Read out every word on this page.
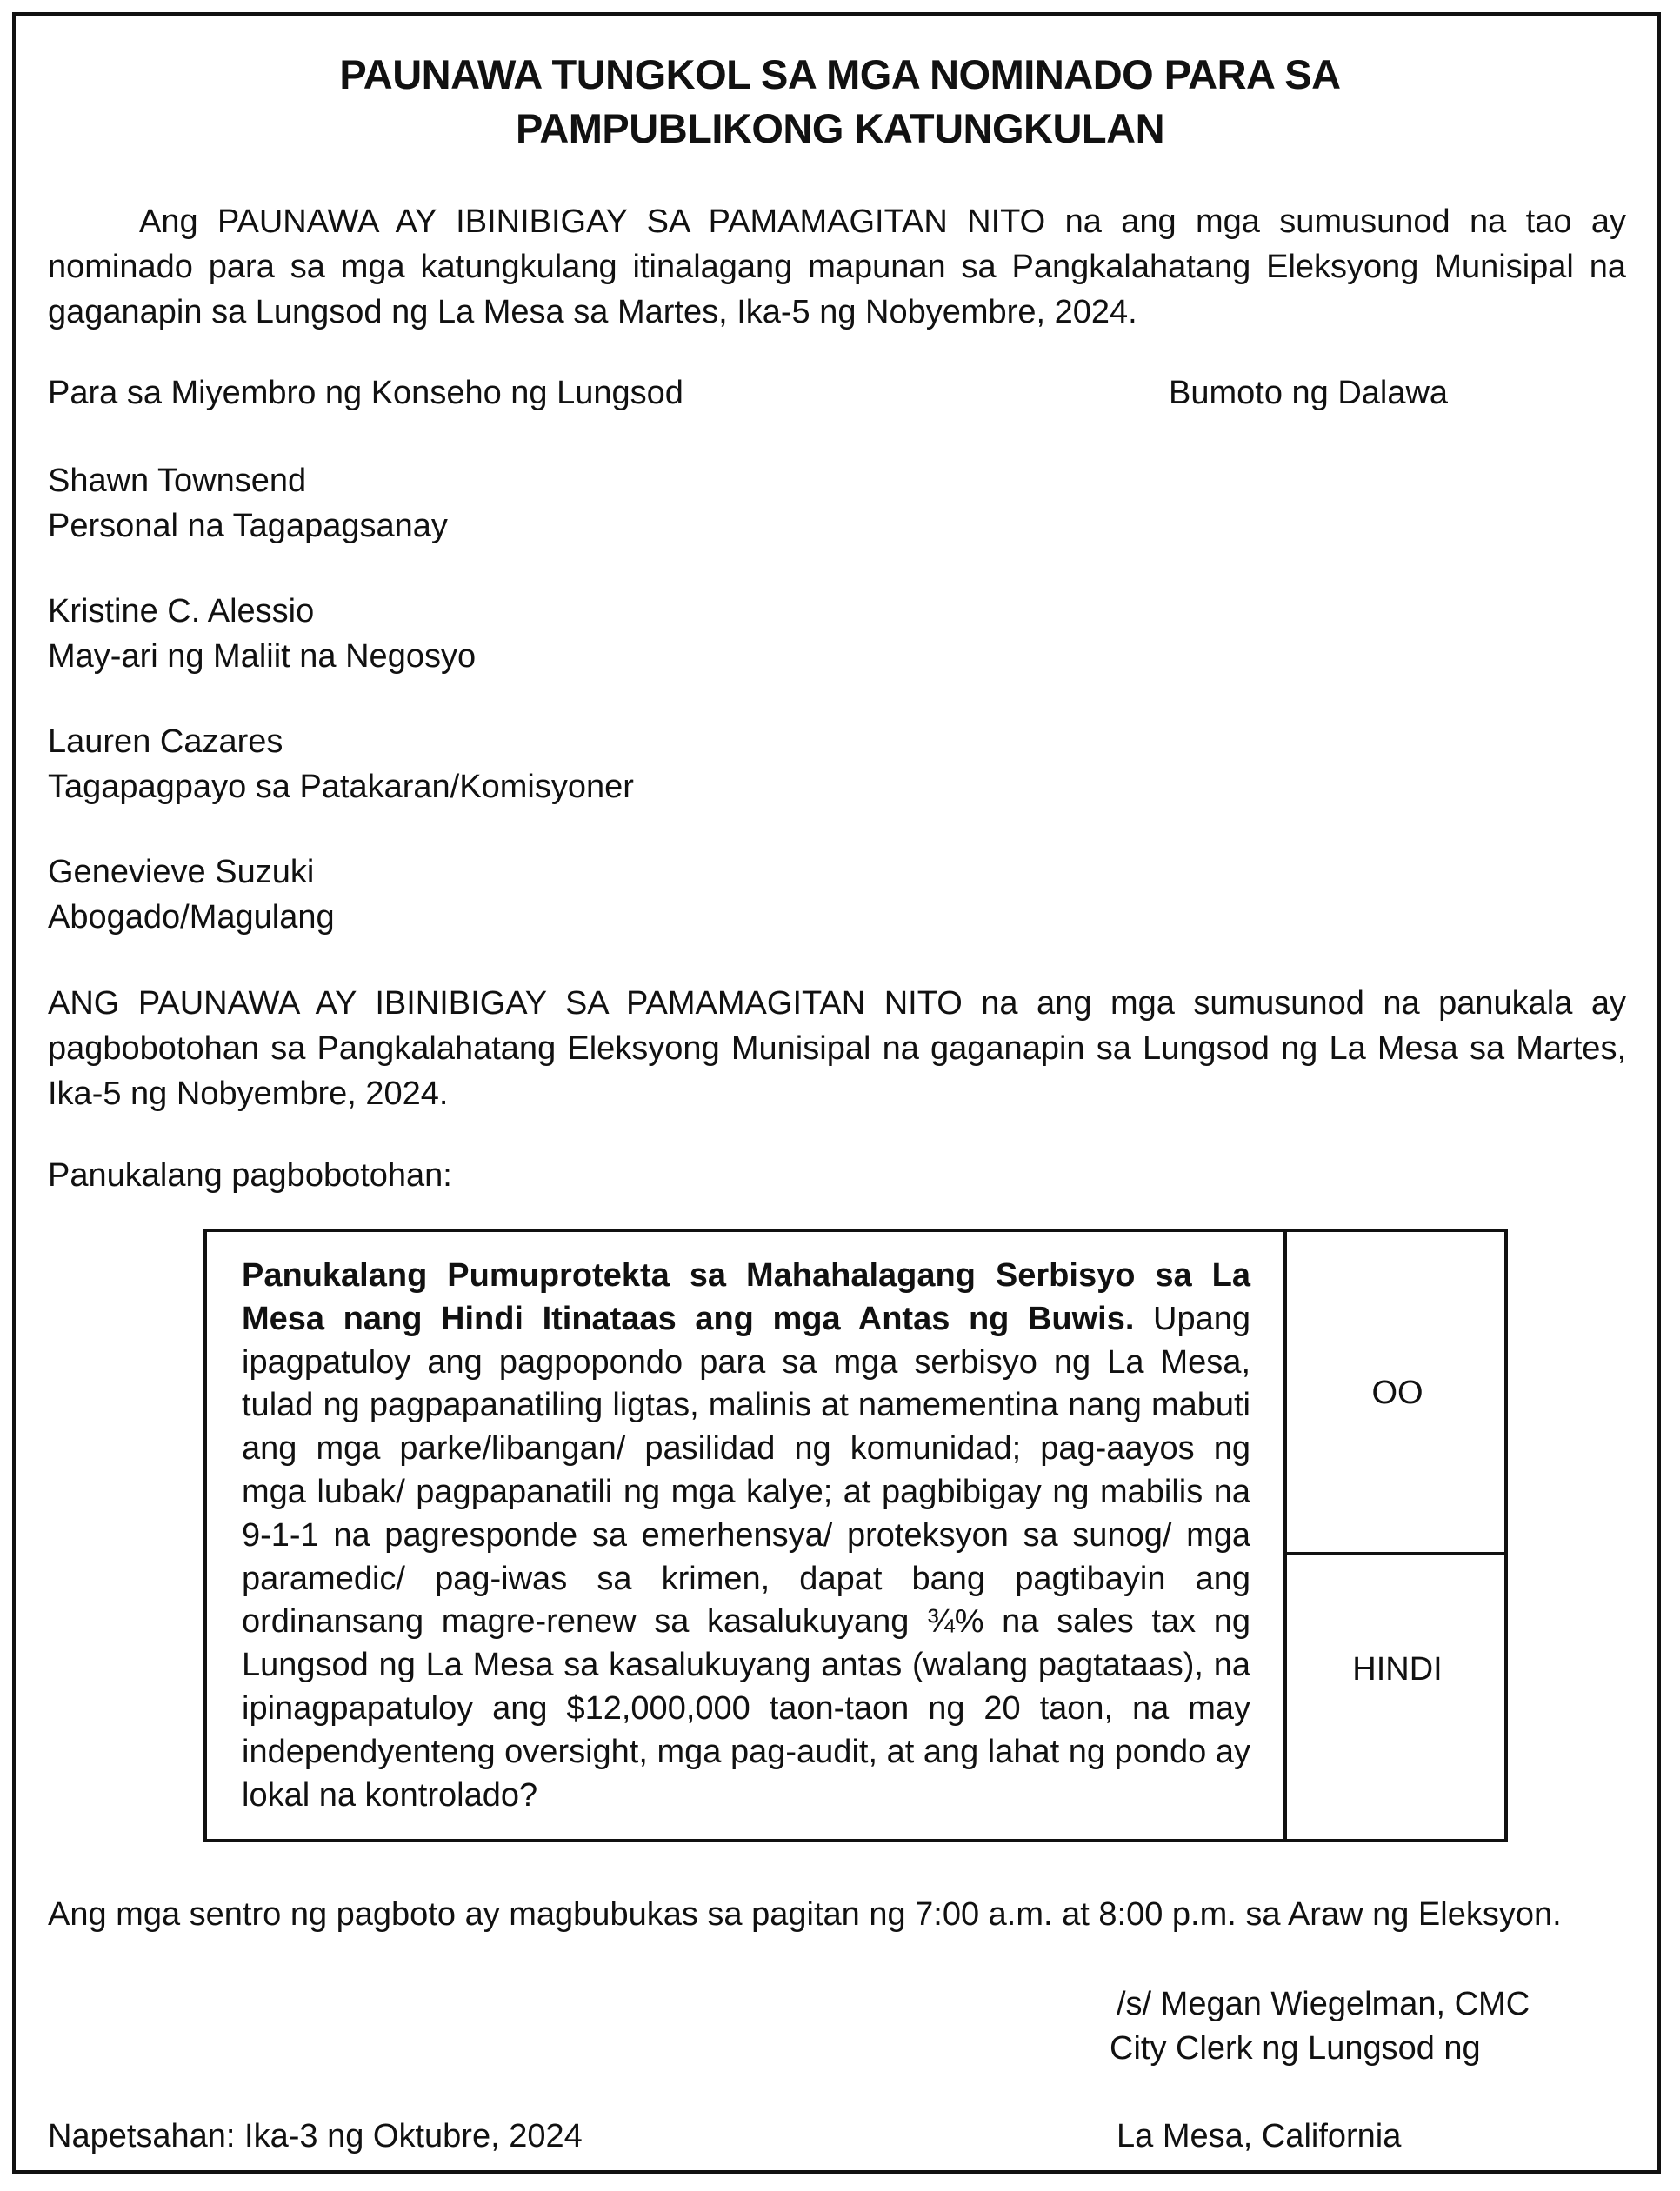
PAUNAWA TUNGKOL SA MGA NOMINADO PARA SA
PAMPUBLIKONG KATUNGKULAN

Ang PAUNAWA AY IBINIBIGAY SA PAMAMAGITAN NITO na ang mga sumusunod na tao ay nominado para sa mga katungkulang itinalagang mapunan sa Pangkalahatang Eleksyong Munisipal na gaganapin sa Lungsod ng La Mesa sa Martes, Ika-5 ng Nobyembre, 2024.

Para sa Miyembro ng Konseho ng Lungsod	Bumoto ng Dalawa
Shawn Townsend
Personal na Tagapagsanay
Kristine C. Alessio
May-ari ng Maliit na Negosyo
Lauren Cazares
Tagapagpayo sa Patakaran/Komisyoner
Genevieve Suzuki
Abogado/Magulang

ANG PAUNAWA AY IBINIBIGAY SA PAMAMAGITAN NITO na ang mga sumusunod na panukala ay pagbobotohan sa Pangkalahatang Eleksyong Munisipal na gaganapin sa Lungsod ng La Mesa sa Martes, Ika-5 ng Nobyembre, 2024.

Panukalang pagbobotohan:
Panukalang Pumuprotekta sa Mahahalagang Serbisyo sa La Mesa nang Hindi Itinataas ang mga Antas ng Buwis. Upang ipagpatuloy ang pagpopondo para sa mga serbisyo ng La Mesa, tulad ng pagpapanatiling ligtas, malinis at namementina nang mabuti ang mga parke/libangan/ pasilidad ng komunidad; pag-aayos ng mga lubak/ pagpapanatili ng mga kalye; at pagbibigay ng mabilis na 9-1-1 na pagresponde sa emerhensya/ proteksyon sa sunog/ mga paramedic/ pag-iwas sa krimen, dapat bang pagtibayin ang ordinansang magre-renew sa kasalukuyang ¾% na sales tax ng Lungsod ng La Mesa sa kasalukuyang antas (walang pagtataas), na ipinagpapatuloy ang $12,000,000 taon-taon ng 20 taon, na may independyenteng oversight, mga pag-audit, at ang lahat ng pondo ay lokal na kontrolado?
OO
HINDI
Ang mga sentro ng pagboto ay magbubukas sa pagitan ng 7:00 a.m. at 8:00 p.m. sa Araw ng Eleksyon.
/s/ Megan Wiegelman, CMC
City Clerk ng Lungsod ng
Napetsahan: Ika-3 ng Oktubre, 2024	La Mesa, California
